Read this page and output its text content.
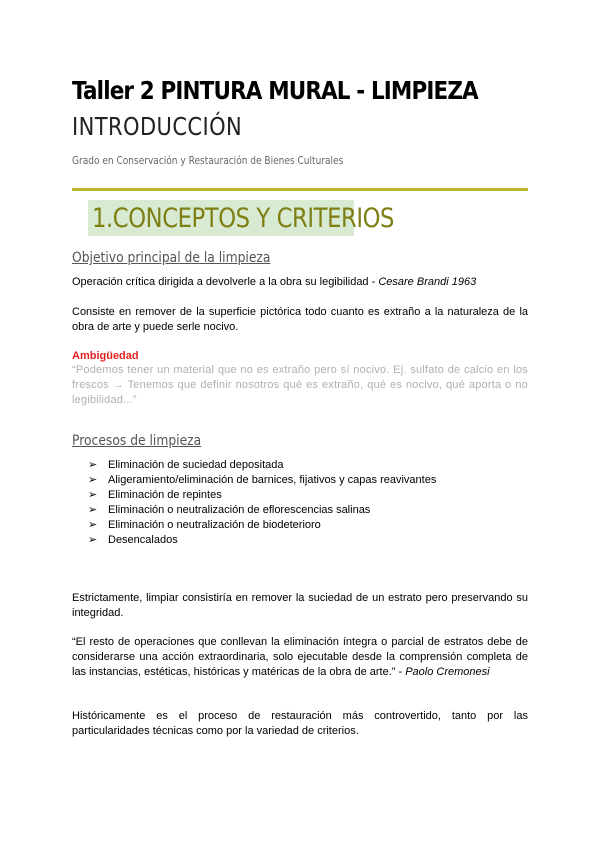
Taller 2 PINTURA MURAL - LIMPIEZA
INTRODUCCIÓN
Grado en Conservación y Restauración de Bienes Culturales
1.CONCEPTOS Y CRITERIOS
Objetivo principal de la limpieza
Operación crítica dirigida a devolverle a la obra su legibilidad - Cesare Brandi 1963
Consiste en remover de la superficie pictórica todo cuanto es extraño a la naturaleza de la obra de arte y puede serle nocivo.
Ambigüedad
“Podemos tener un material que no es extraño pero sí nocivo. Ej. sulfato de calcio en los frescos → Tenemos que definir nosotros qué es extraño, qué es nocivo, qué aporta o no legibilidad...”
Procesos de limpieza
➢ Eliminación de suciedad depositada
➢ Aligeramiento/eliminación de barnices, fijativos y capas reavivantes
➢ Eliminación de repintes
➢ Eliminación o neutralización de eflorescencias salinas
➢ Eliminación o neutralización de biodeterioro
➢ Desencalados
Estrictamente, limpiar consistiría en remover la suciedad de un estrato pero preservando su integridad.
“El resto de operaciones que conllevan la eliminación íntegra o parcial de estratos debe de considerarse una acción extraordinaria, solo ejecutable desde la comprensión completa de las instancias, estéticas, históricas y matéricas de la obra de arte.” - Paolo Cremonesi
Históricamente es el proceso de restauración más controvertido, tanto por las particularidades técnicas como por la variedad de criterios.
